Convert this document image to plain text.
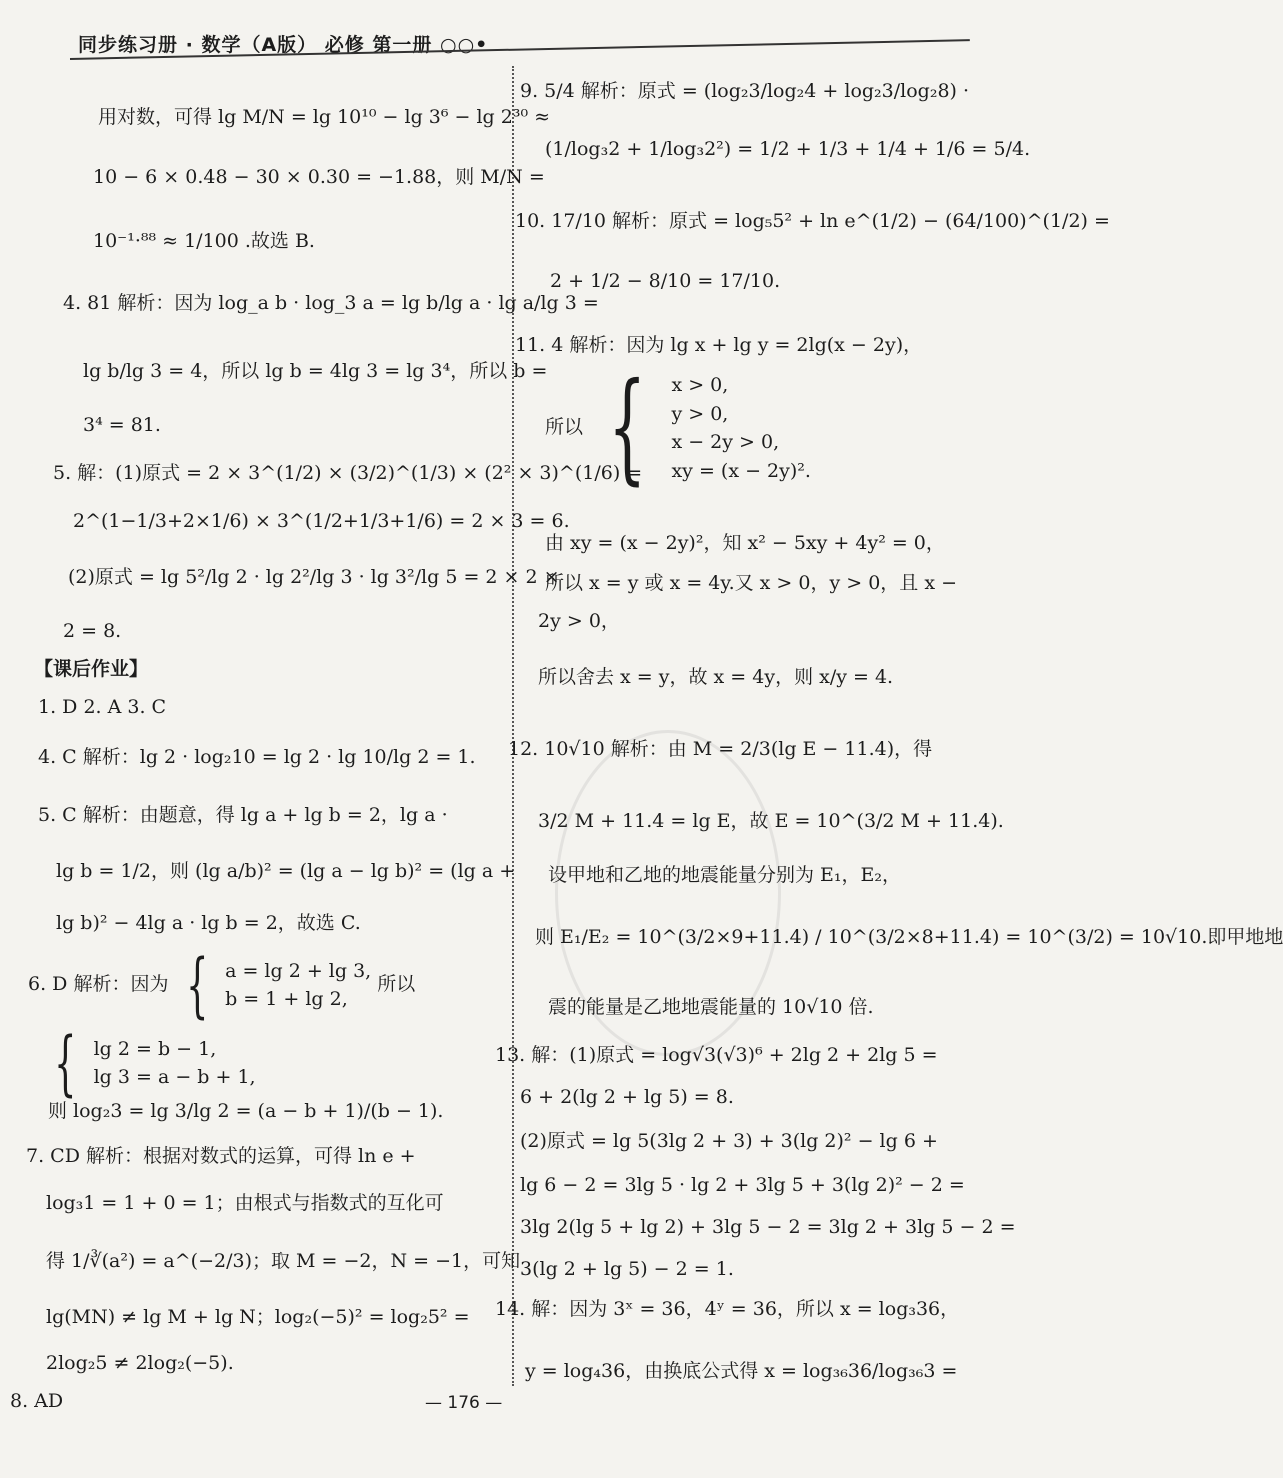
同步练习册 · 数学（A版） 必修 第一册 ○○•
用对数，可得 lg M/N = lg 10¹⁰ − lg 3⁶ − lg 2³⁰ ≈
10 − 6 × 0.48 − 30 × 0.30 = −1.88，则 M/N =
10⁻¹·⁸⁸ ≈ 1/100 .故选 B.
4. 81 解析：因为 log_a b · log_3 a = lg b/lg a · lg a/lg 3 =
lg b/lg 3 = 4，所以 lg b = 4lg 3 = lg 3⁴，所以 b =
3⁴ = 81.
5. 解：(1)原式 = 2 × 3^(1/2) × (3/2)^(1/3) × (2² × 3)^(1/6) =
2^(1−1/3+2×1/6) × 3^(1/2+1/3+1/6) = 2 × 3 = 6.
(2)原式 = lg 5²/lg 2 · lg 2²/lg 3 · lg 3²/lg 5 = 2 × 2 ×
2 = 8.
【课后作业】
1. D 2. A 3. C
4. C 解析：lg 2 · log₂10 = lg 2 · lg 10/lg 2 = 1.
5. C 解析：由题意，得 lg a + lg b = 2，lg a ·
lg b = 1/2，则 (lg a/b)² = (lg a − lg b)² = (lg a +
lg b)² − 4lg a · lg b = 2，故选 C.
6. D 解析：因为 { a = lg 2 + lg 3,
b = 1 + lg 2,
所以
{ lg 2 = b − 1,
lg 3 = a − b + 1,
则 log₂3 = lg 3/lg 2 = (a − b + 1)/(b − 1).
7. CD 解析：根据对数式的运算，可得 ln e +
log₃1 = 1 + 0 = 1；由根式与指数式的互化可
得 1/∛(a²) = a^(−2/3)；取 M = −2，N = −1，可知
lg(MN) ≠ lg M + lg N；log₂(−5)² = log₂5² =
2log₂5 ≠ 2log₂(−5).
8. AD
9. 5/4 解析：原式 = (log₂3/log₂4 + log₂3/log₂8) ·
(1/log₃2 + 1/log₃2²) = 1/2 + 1/3 + 1/4 + 1/6 = 5/4.
10. 17/10 解析：原式 = log₅5² + ln e^(1/2) − (64/100)^(1/2) =
2 + 1/2 − 8/10 = 17/10.
11. 4 解析：因为 lg x + lg y = 2lg(x − 2y)，
所以 { x > 0,
y > 0,
x − 2y > 0,
xy = (x − 2y)².
由 xy = (x − 2y)²，知 x² − 5xy + 4y² = 0，
所以 x = y 或 x = 4y.又 x > 0，y > 0，且 x −
2y > 0，
所以舍去 x = y，故 x = 4y，则 x/y = 4.
12. 10√10 解析：由 M = 2/3(lg E − 11.4)，得
3/2 M + 11.4 = lg E，故 E = 10^(3/2 M + 11.4).
设甲地和乙地的地震能量分别为 E₁，E₂，
则 E₁/E₂ = 10^(3/2×9+11.4) / 10^(3/2×8+11.4) = 10^(3/2) = 10√10.即甲地地
震的能量是乙地地震能量的 10√10 倍.
13. 解：(1)原式 = log√3(√3)⁶ + 2lg 2 + 2lg 5 =
6 + 2(lg 2 + lg 5) = 8.
(2)原式 = lg 5(3lg 2 + 3) + 3(lg 2)² − lg 6 +
lg 6 − 2 = 3lg 5 · lg 2 + 3lg 5 + 3(lg 2)² − 2 =
3lg 2(lg 5 + lg 2) + 3lg 5 − 2 = 3lg 2 + 3lg 5 − 2 =
3(lg 2 + lg 5) − 2 = 1.
14. 解：因为 3ˣ = 36，4ʸ = 36，所以 x = log₃36，
y = log₄36，由换底公式得 x = log₃₆36/log₃₆3 =
— 176 —
